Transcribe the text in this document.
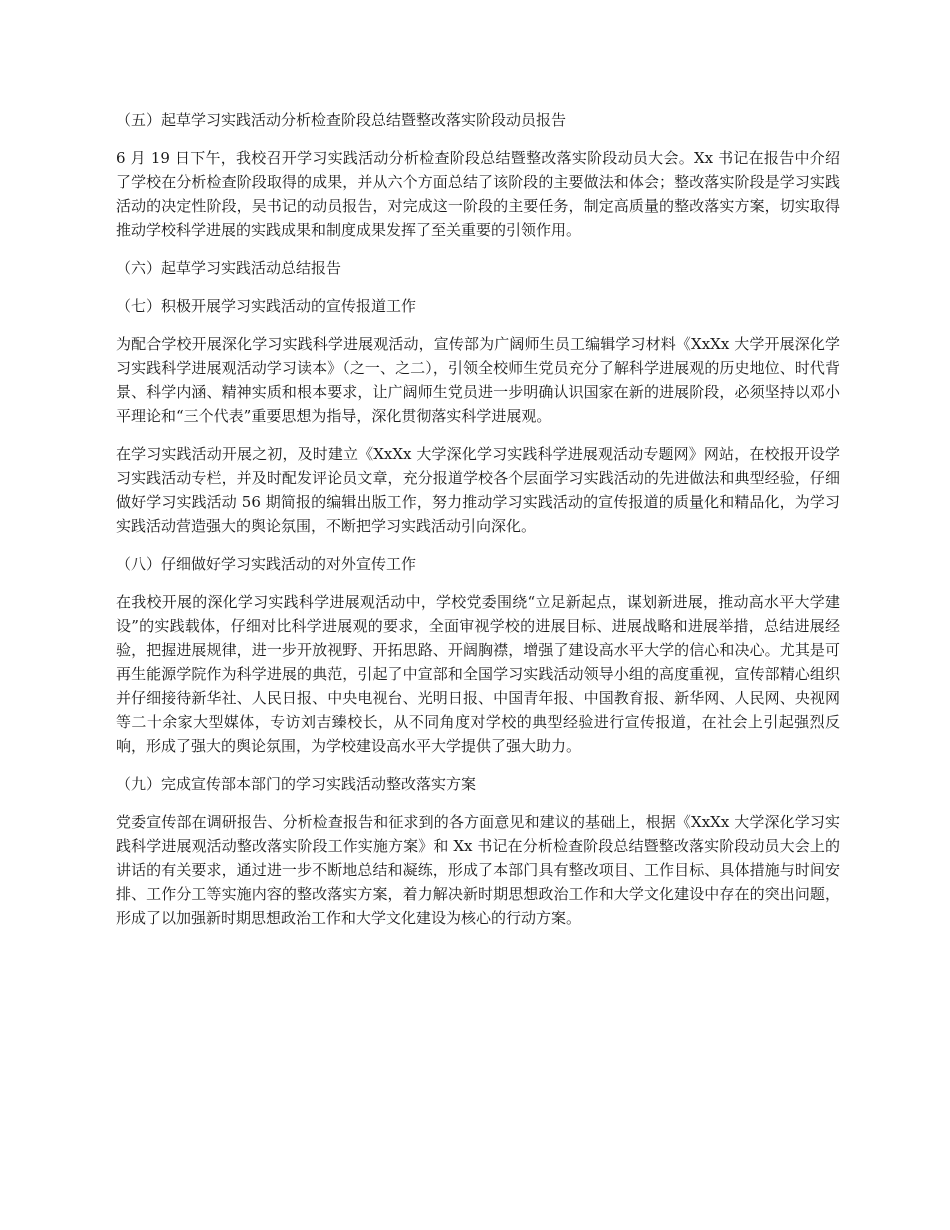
（五）起草学习实践活动分析检查阶段总结暨整改落实阶段动员报告

6 月 19 日下午，我校召开学习实践活动分析检查阶段总结暨整改落实阶段动员大会。Xx 书记在报告中介绍了学校在分析检查阶段取得的成果，并从六个方面总结了该阶段的主要做法和体会；整改落实阶段是学习实践活动的决定性阶段，吴书记的动员报告，对完成这一阶段的主要任务，制定高质量的整改落实方案，切实取得推动学校科学进展的实践成果和制度成果发挥了至关重要的引领作用。

（六）起草学习实践活动总结报告

（七）积极开展学习实践活动的宣传报道工作

为配合学校开展深化学习实践科学进展观活动，宣传部为广阔师生员工编辑学习材料《XxXx 大学开展深化学习实践科学进展观活动学习读本》（之一、之二），引领全校师生党员充分了解科学进展观的历史地位、时代背景、科学内涵、精神实质和根本要求，让广阔师生党员进一步明确认识国家在新的进展阶段，必须坚持以邓小平理论和“三个代表”重要思想为指导，深化贯彻落实科学进展观。

在学习实践活动开展之初，及时建立《XxXx 大学深化学习实践科学进展观活动专题网》网站，在校报开设学习实践活动专栏，并及时配发评论员文章，充分报道学校各个层面学习实践活动的先进做法和典型经验，仔细做好学习实践活动 56 期简报的编辑出版工作，努力推动学习实践活动的宣传报道的质量化和精品化，为学习实践活动营造强大的舆论氛围，不断把学习实践活动引向深化。

（八）仔细做好学习实践活动的对外宣传工作

在我校开展的深化学习实践科学进展观活动中，学校党委围绕“立足新起点，谋划新进展，推动高水平大学建设”的实践载体，仔细对比科学进展观的要求，全面审视学校的进展目标、进展战略和进展举措，总结进展经验，把握进展规律，进一步开放视野、开拓思路、开阔胸襟，增强了建设高水平大学的信心和决心。尤其是可再生能源学院作为科学进展的典范，引起了中宣部和全国学习实践活动领导小组的高度重视，宣传部精心组织并仔细接待新华社、人民日报、中央电视台、光明日报、中国青年报、中国教育报、新华网、人民网、央视网等二十余家大型媒体，专访刘吉臻校长，从不同角度对学校的典型经验进行宣传报道，在社会上引起强烈反响，形成了强大的舆论氛围，为学校建设高水平大学提供了强大助力。

（九）完成宣传部本部门的学习实践活动整改落实方案

党委宣传部在调研报告、分析检查报告和征求到的各方面意见和建议的基础上，根据《XxXx 大学深化学习实践科学进展观活动整改落实阶段工作实施方案》和 Xx 书记在分析检查阶段总结暨整改落实阶段动员大会上的讲话的有关要求，通过进一步不断地总结和凝练，形成了本部门具有整改项目、工作目标、具体措施与时间安排、工作分工等实施内容的整改落实方案，着力解决新时期思想政治工作和大学文化建设中存在的突出问题，形成了以加强新时期思想政治工作和大学文化建设为核心的行动方案。
